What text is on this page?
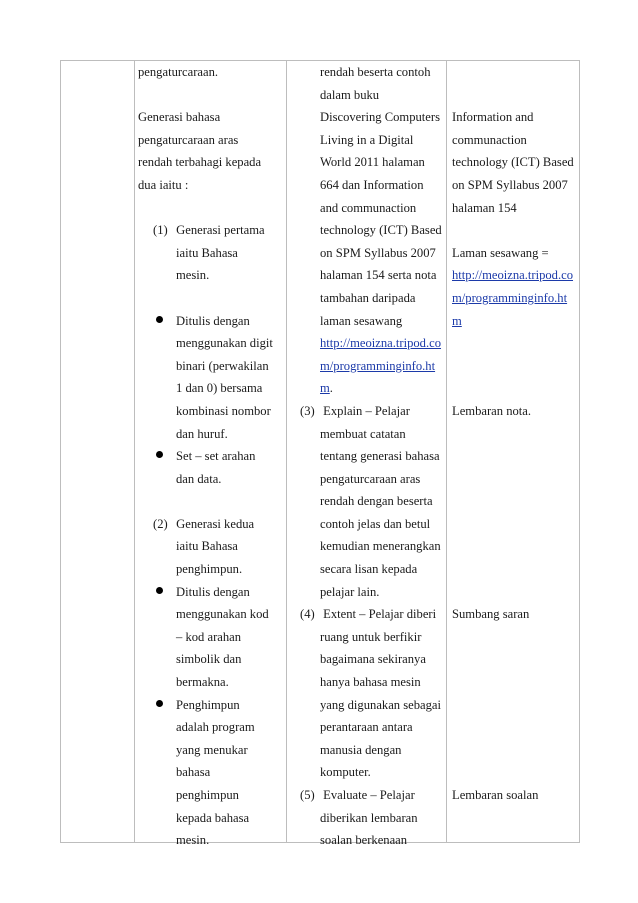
pengaturcaraan.
Generasi bahasa
pengaturcaraan aras
rendah terbahagi kepada
dua iaitu :
(1) Generasi pertama
iaitu Bahasa
mesin.
Ditulis dengan
menggunakan digit
binari (perwakilan
1 dan 0) bersama
kombinasi nombor
dan huruf.
Set – set arahan
dan data.
(2) Generasi kedua
iaitu Bahasa
penghimpun.
Ditulis dengan
menggunakan kod
– kod arahan
simbolik dan
bermakna.
Penghimpun
adalah program
yang menukar
bahasa
penghimpun
kepada bahasa
mesin.
rendah beserta contoh
dalam buku
Discovering Computers
Living in a Digital
World 2011 halaman
664 dan Information
and communaction
technology (ICT) Based
on SPM Syllabus 2007
halaman 154 serta nota
tambahan daripada
laman sesawang
http://meoizna.tripod.co
m/programminginfo.ht
m.
(3) Explain – Pelajar
membuat catatan
tentang generasi bahasa
pengaturcaraan aras
rendah dengan beserta
contoh jelas dan betul
kemudian menerangkan
secara lisan kepada
pelajar lain.
(4) Extent – Pelajar diberi
ruang untuk berfikir
bagaimana sekiranya
hanya bahasa mesin
yang digunakan sebagai
perantaraan antara
manusia dengan
komputer.
(5) Evaluate – Pelajar
diberikan lembaran
soalan berkenaan
Information and
communaction
technology (ICT) Based
on SPM Syllabus 2007
halaman 154
Laman sesawang =
http://meoizna.tripod.co
m/programminginfo.ht
m
Lembaran nota.
Sumbang saran
Lembaran soalan
